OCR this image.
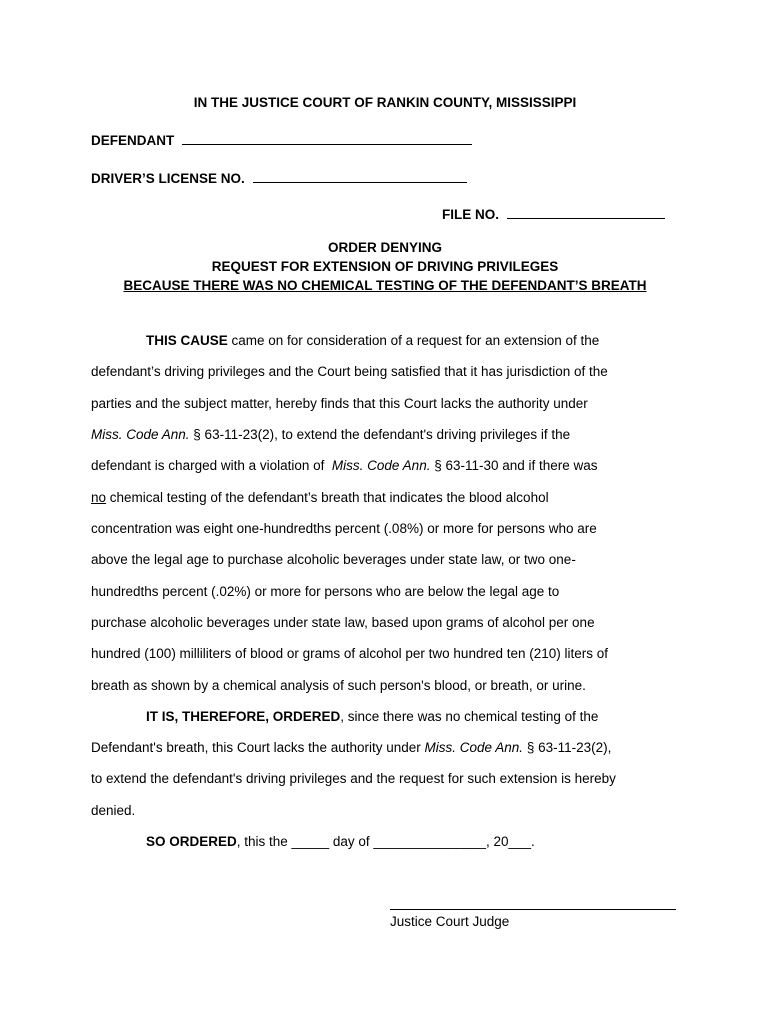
IN THE JUSTICE COURT OF RANKIN COUNTY, MISSISSIPPI
DEFENDANT
DRIVER’S LICENSE NO.
FILE NO.
ORDER DENYING
REQUEST FOR EXTENSION OF DRIVING PRIVILEGES
BECAUSE THERE WAS NO CHEMICAL TESTING OF THE DEFENDANT’S BREATH
THIS CAUSE came on for consideration of a request for an extension of the
defendant’s driving privileges and the Court being satisfied that it has jurisdiction of the
parties and the subject matter, hereby finds that this Court lacks the authority under
Miss. Code Ann. § 63-11-23(2), to extend the defendant's driving privileges if the
defendant is charged with a violation of  Miss. Code Ann. § 63-11-30 and if there was
no chemical testing of the defendant’s breath that indicates the blood alcohol
concentration was eight one-hundredths percent (.08%) or more for persons who are
above the legal age to purchase alcoholic beverages under state law, or two one-
hundredths percent (.02%) or more for persons who are below the legal age to
purchase alcoholic beverages under state law, based upon grams of alcohol per one
hundred (100) milliliters of blood or grams of alcohol per two hundred ten (210) liters of
breath as shown by a chemical analysis of such person's blood, or breath, or urine.
IT IS, THEREFORE, ORDERED, since there was no chemical testing of the
Defendant's breath, this Court lacks the authority under Miss. Code Ann. § 63-11-23(2),
to extend the defendant's driving privileges and the request for such extension is hereby
denied.
SO ORDERED, this the _____ day of _______________, 20___.
Justice Court Judge
